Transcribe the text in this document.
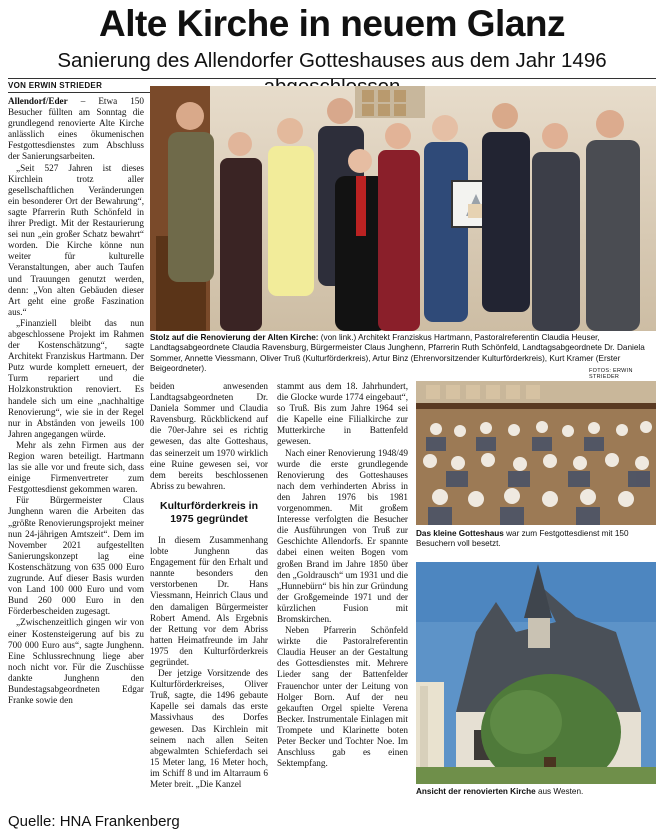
Alte Kirche in neuem Glanz
Sanierung des Allendorfer Gotteshauses aus dem Jahr 1496
VON ERWIN STRIEDER

Allendorf/Eder – Etwa 150 Besucher füllten am Sonntag die grundlegend renovierte Alte Kirche anlässlich eines ökumenischen Festgottesdienstes zum Abschluss der Sanierungsarbeiten.

„Seit 527 Jahren ist dieses Kirchlein trotz aller gesellschaftlichen Veränderungen ein besonderer Ort der Bewahrung“, sagte Pfarrerin Ruth Schönfeld in ihrer Predigt. Mit der Restaurierung sei nun „ein großer Schatz bewahrt“ worden. Die Kirche könne nun weiter für kulturelle Veranstaltungen, aber auch Taufen und Trauungen genutzt werden, denn: „Von alten Gebäuden dieser Art geht eine große Faszination aus.“

„Finanziell bleibt das nun abgeschlossene Projekt im Rahmen der Kostenschätzung“, sagte Architekt Franziskus Hartmann. Der Putz wurde komplett erneuert, der Turm repariert und die Holzkonstruktion renoviert. Es handele sich um eine „nachhaltige Renovierung“, wie sie in der Regel nur in Abständen von jeweils 100 Jahren angegangen würde.

Mehr als zehn Firmen aus der Region waren beteiligt. Hartmann las sie alle vor und freute sich, dass einige Firmenvertreter zum Festgottesdienst gekommen waren.

Für Bürgermeister Claus Junghenn waren die Arbeiten das „größte Renovierungsprojekt meiner nun 24-jährigen Amtszeit“. Dem im November 2021 aufgestellten Sanierungskonzept lag eine Kostenschätzung von 635 000 Euro zugrunde. Auf dieser Basis wurden von Land 100 000 Euro und vom Bund 260 000 Euro in den Förderbescheiden zugesagt.

„Zwischenzeitlich gingen wir von einer Kostensteigerung auf bis zu 700 000 Euro aus“, sagte Junghenn. Eine Schlussrechnung liege aber noch nicht vor. Für die Zuschüsse dankte Junghenn den Bundestagsabgeordneten Edgar Franke sowie den

Stolz auf die Renovierung der Alten Kirche: (von link.) Architekt Franziskus Hartmann, Pastoralreferentin Claudia Heuser, Landtagsabgeordnete Claudia Ravensburg, Bürgermeister Claus Junghenn, Pfarrerin Ruth Schönfeld, Landtagsabgeordnete Dr. Daniela Sommer, Annette Viessmann, Oliver Truß (Kulturförderkreis), Artur Binz (Ehrenvorsitzender Kulturförderkreis), Kurt Kramer (Erster Beigeordneter).	FOTOS: ERWIN STRIEDER

beiden anwesenden Landtagsabgeordneten Dr. Daniela Sommer und Claudia Ravensburg. Rückblickend auf die 70er-Jahre sei es richtig gewesen, das alte Gotteshaus, das seinerzeit um 1970 wirklich eine Ruine gewesen sei, vor dem bereits beschlossenen Abriss zu bewahren.

Kulturförderkreis in 1975 gegründet

In diesem Zusammenhang lobte Junghenn das Engagement für den Erhalt und nannte besonders den verstorbenen Dr. Hans Viessmann, Heinrich Claus und den damaligen Bürgermeister Robert Amend. Als Ergebnis der Rettung vor dem Abriss hatten Heimatfreunde im Jahr 1975 den Kulturförderkreis gegründet.

Der jetzige Vorsitzende des Kulturförderkreises, Oliver Truß, sagte, die 1496 gebaute Kapelle sei damals das erste Massivhaus des Dorfes gewesen. Das Kirchlein mit seinem nach allen Seiten abgewalmten Schieferdach sei 15 Meter lang, 16 Meter hoch, im Schiff 8 und im Altarraum 6 Meter breit. „Die Kanzel

stammt aus dem 18. Jahrhundert, die Glocke wurde 1774 eingebaut“, so Truß. Bis zum Jahre 1964 sei die Kapelle eine Filialkirche zur Mutterkirche in Battenfeld gewesen.

Nach einer Renovierung 1948/49 wurde die erste grundlegende Renovierung des Gotteshauses nach dem verhinderten Abriss in den Jahren 1976 bis 1981 vorgenommen. Mit großem Interesse verfolgten die Besucher die Ausführungen von Truß zur Geschichte Allendorfs. Er spannte dabei einen weiten Bogen vom großen Brand im Jahre 1850 über den „Goldrausch“ um 1931 und die „Hunnebürn“ bis hin zur Gründung der Großgemeinde 1971 und der kürzlichen Fusion mit Bromskirchen.

Neben Pfarrerin Schönfeld wirkte die Pastoralreferentin Claudia Heuser an der Gestaltung des Gottesdienstes mit. Mehrere Lieder sang der Battenfelder Frauenchor unter der Leitung von Holger Born. Auf der neu gekauften Orgel spielte Verena Becker. Instrumentale Einlagen mit Trompete und Klarinette boten Peter Becker und Tochter Noe. Im Anschluss gab es einen Sektempfang.

Das kleine Gotteshaus war zum Festgottesdienst mit 150 Besuchern voll besetzt.
Ansicht der renovierten Kirche aus Westen.
Quelle: HNA Frankenberg
